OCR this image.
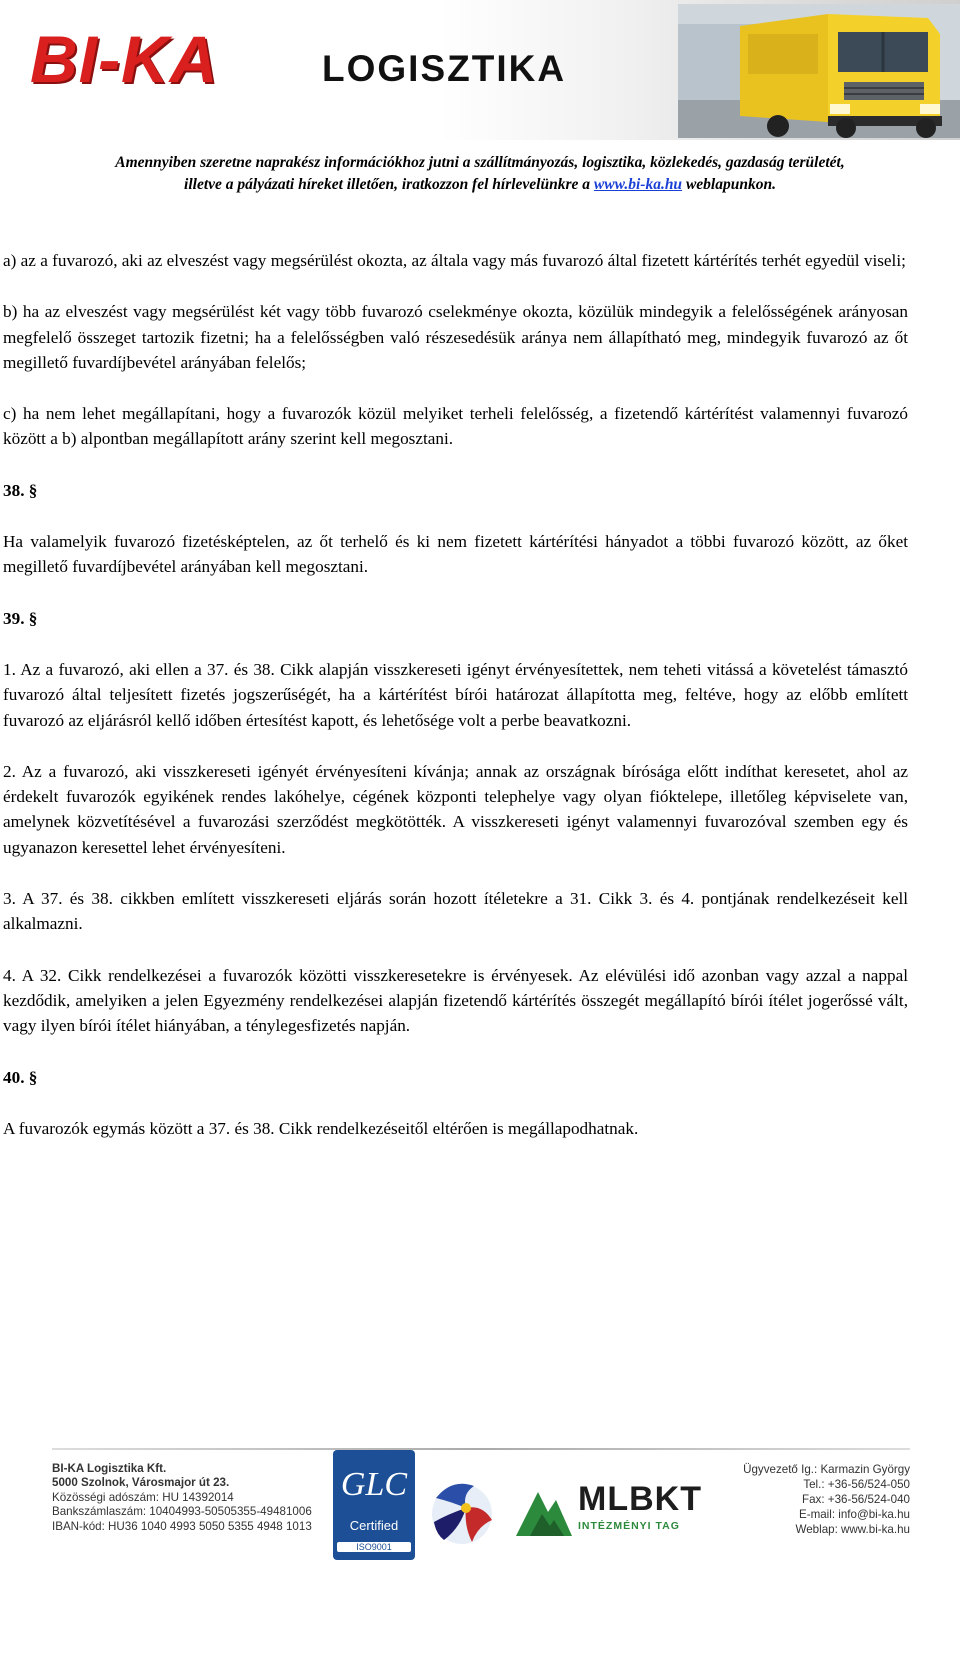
BI-KA	LOGISZTIKA
Amennyiben szeretne naprakész információkhoz jutni a szállítmányozás, logisztika, közlekedés, gazdaság területét,
illetve a pályázati híreket illetően, iratkozzon fel hírlevelünkre a www.bi-ka.hu weblapunkon.

a) az a fuvarozó, aki az elveszést vagy megsérülést okozta, az általa vagy más fuvarozó által fizetett kártérítés terhét egyedül viseli;

b) ha az elveszést vagy megsérülést két vagy több fuvarozó cselekménye okozta, közülük mindegyik a felelősségének arányosan megfelelő összeget tartozik fizetni; ha a felelősségben való részesedésük aránya nem állapítható meg, mindegyik fuvarozó az őt megillető fuvardíjbevétel arányában felelős;

c) ha nem lehet megállapítani, hogy a fuvarozók közül melyiket terheli felelősség, a fizetendő kártérítést valamennyi fuvarozó között a b) alpontban megállapított arány szerint kell megosztani.

38. §

Ha valamelyik fuvarozó fizetésképtelen, az őt terhelő és ki nem fizetett kártérítési hányadot a többi fuvarozó között, az őket megillető fuvardíjbevétel arányában kell megosztani.

39. §

1. Az a fuvarozó, aki ellen a 37. és 38. Cikk alapján visszkereseti igényt érvényesítettek, nem teheti vitássá a követelést támasztó fuvarozó által teljesített fizetés jogszerűségét, ha a kártérítést bírói határozat állapította meg, feltéve, hogy az előbb említett fuvarozó az eljárásról kellő időben értesítést kapott, és lehetősége volt a perbe beavatkozni.

2. Az a fuvarozó, aki visszkereseti igényét érvényesíteni kívánja; annak az országnak bírósága előtt indíthat keresetet, ahol az érdekelt fuvarozók egyikének rendes lakóhelye, cégének központi telephelye vagy olyan fióktelepe, illetőleg képviselete van, amelynek közvetítésével a fuvarozási szerződést megkötötték. A visszkereseti igényt valamennyi fuvarozóval szemben egy és ugyanazon keresettel lehet érvényesíteni.

3. A 37. és 38. cikkben említett visszkereseti eljárás során hozott ítéletekre a 31. Cikk 3. és 4. pontjának rendelkezéseit kell alkalmazni.

4. A 32. Cikk rendelkezései a fuvarozók közötti visszkeresetekre is érvényesek. Az elévülési idő azonban vagy azzal a nappal kezdődik, amelyiken a jelen Egyezmény rendelkezései alapján fizetendő kártérítés összegét megállapító bírói ítélet jogerőssé vált, vagy ilyen bírói ítélet hiányában, a ténylegesfizetés napján.

40. §

A fuvarozók egymás között a 37. és 38. Cikk rendelkezéseitől eltérően is megállapodhatnak.

BI-KA Logisztika Kft.
5000 Szolnok, Városmajor út 23.
Közösségi adószám: HU 14392014
Bankszámlaszám: 10404993-50505355-49481006
IBAN-kód: HU36 1040 4993 5050 5355 4948 1013
GLC
Certified
ISO9001
MLBKT
INTÉZMÉNYI TAG
Ügyvezető Ig.: Karmazin György
Tel.: +36-56/524-050
Fax: +36-56/524-040
E-mail: info@bi-ka.hu
Weblap: www.bi-ka.hu
